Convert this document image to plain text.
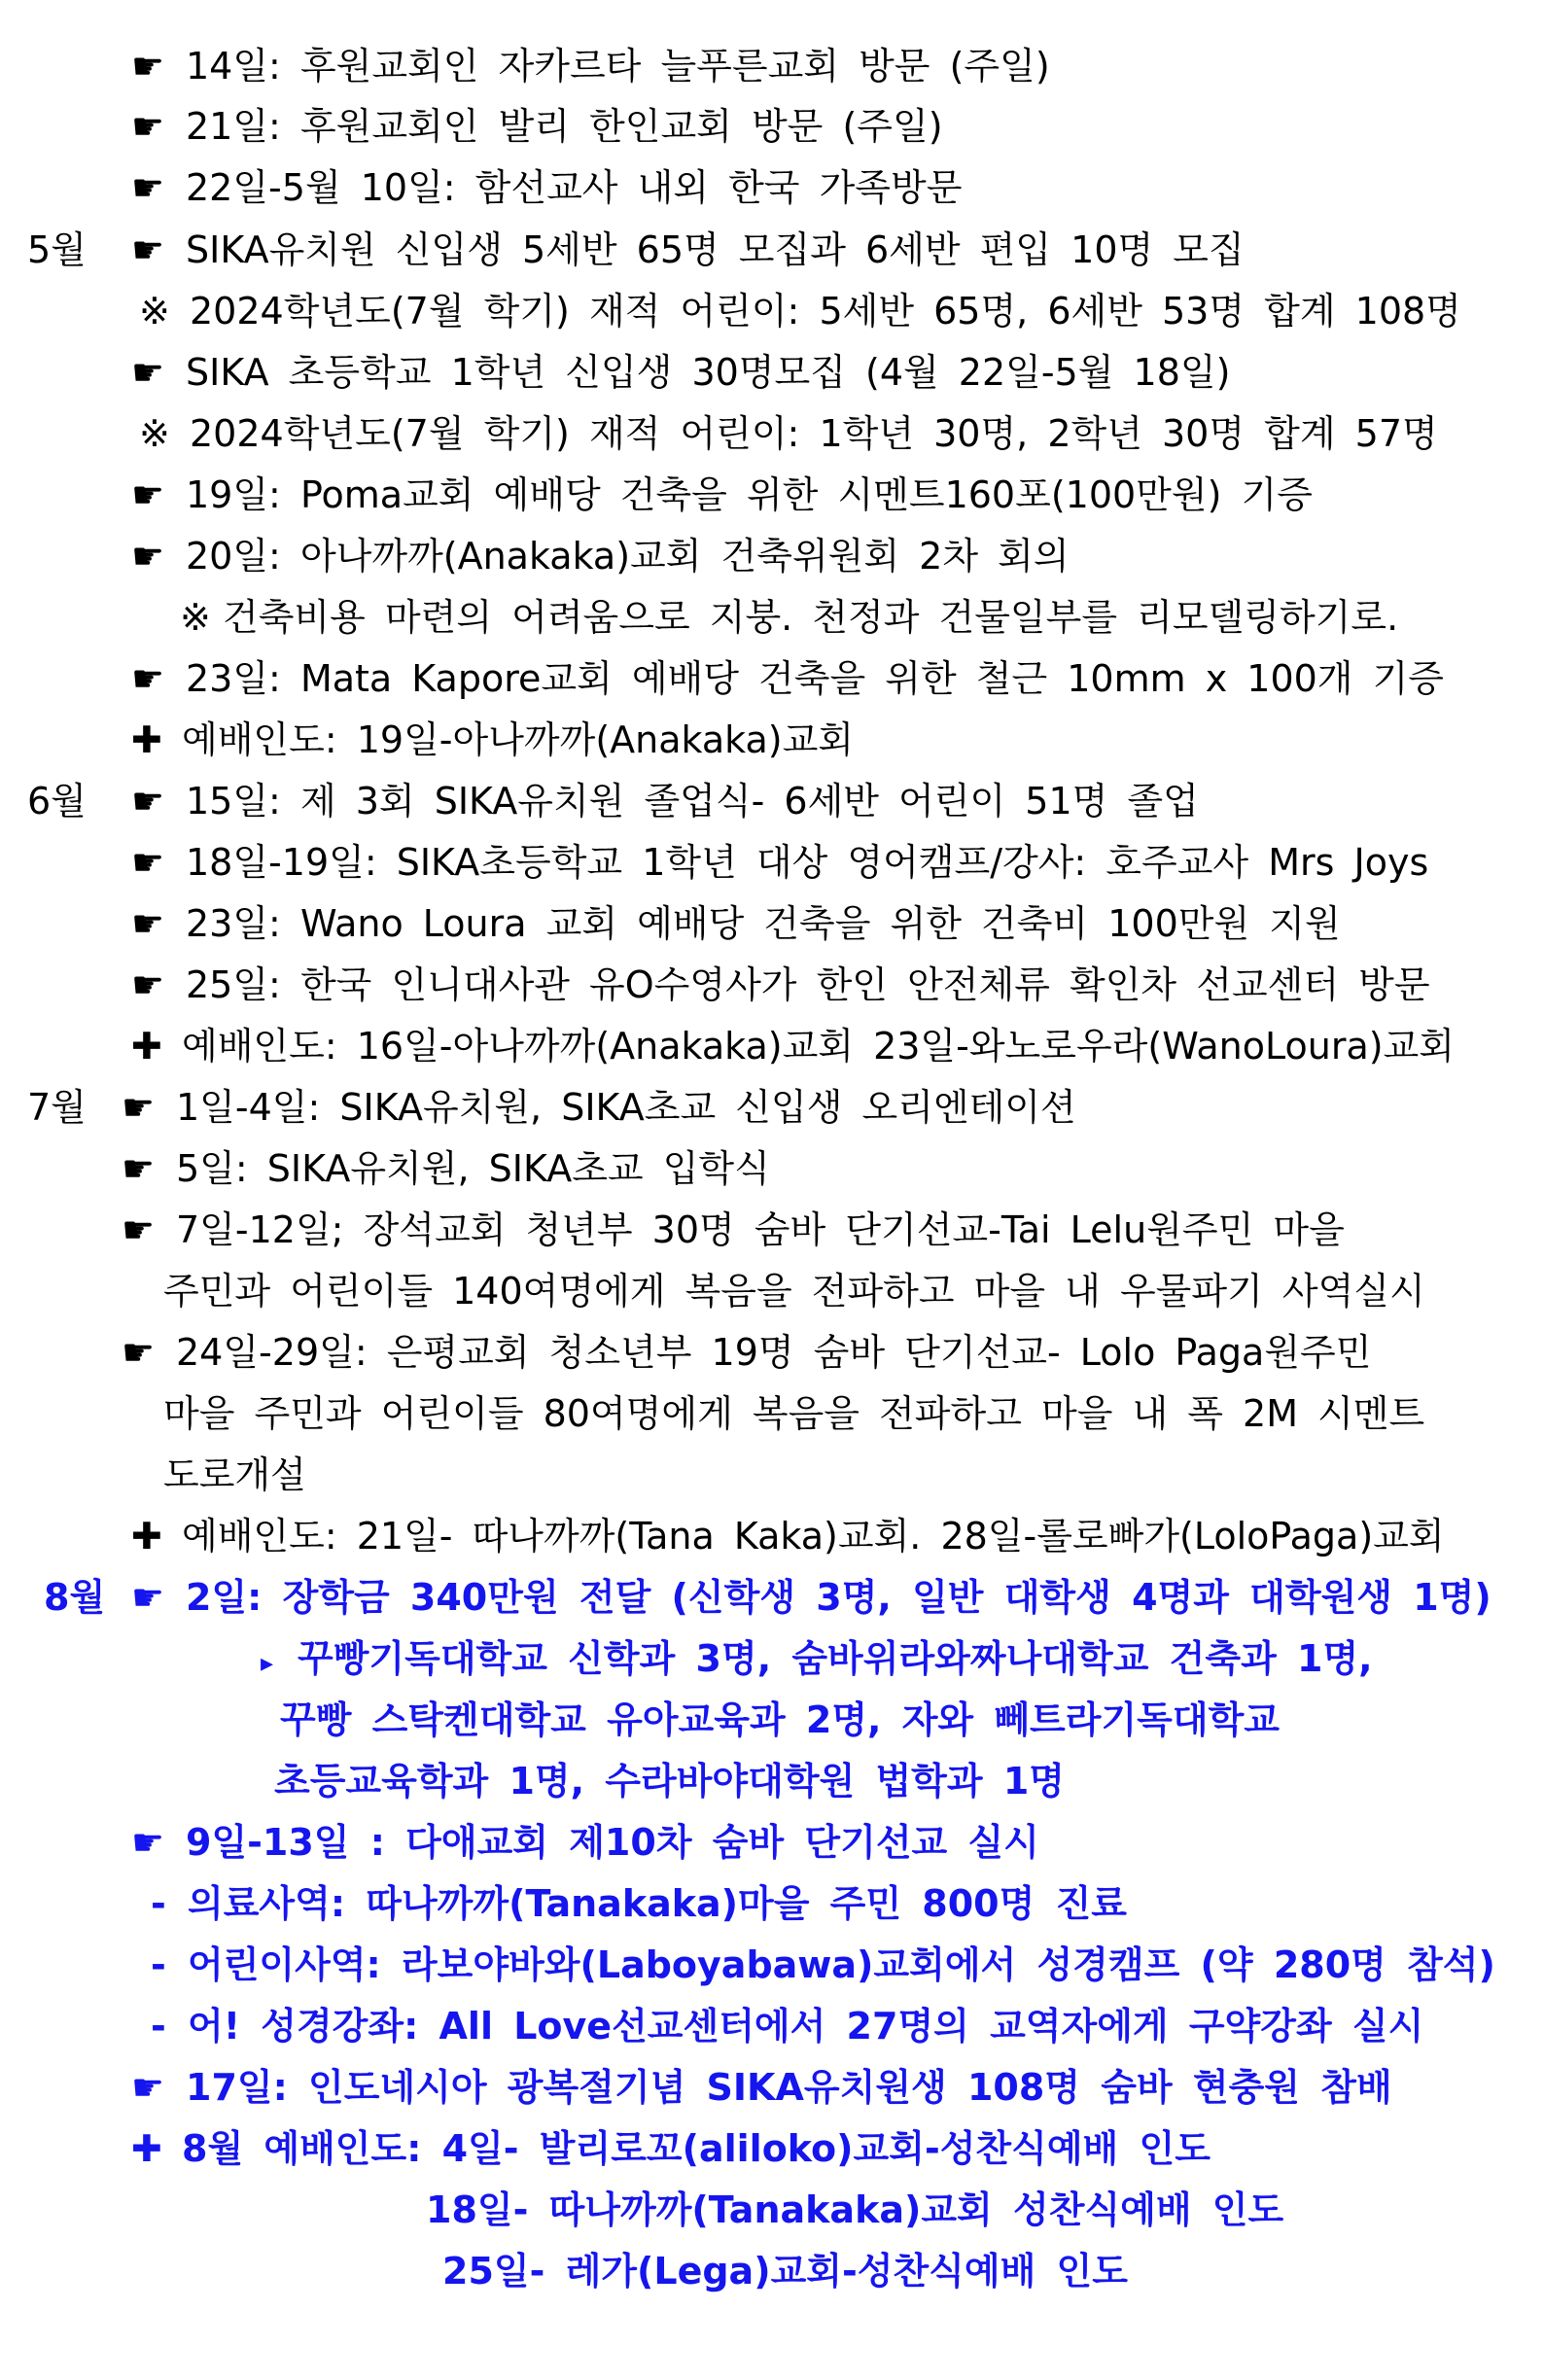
☛ 14일: 후원교회인 자카르타 늘푸른교회 방문 (주일)
☛ 21일: 후원교회인 발리 한인교회 방문 (주일)
☛ 22일-5월 10일: 함선교사 내외 한국 가족방문
5월 ☛ SIKA유치원 신입생 5세반 65명 모집과 6세반 편입 10명 모집
※ 2024학년도(7월 학기) 재적 어린이: 5세반 65명, 6세반 53명 합계 108명
☛ SIKA 초등학교 1학년 신입생 30명모집 (4월 22일-5월 18일)
※ 2024학년도(7월 학기) 재적 어린이: 1학년 30명, 2학년 30명 합계 57명
☛ 19일: Poma교회 예배당 건축을 위한 시멘트160포(100만원) 기증
☛ 20일: 아나까까(Anakaka)교회 건축위원회 2차 회의
※ 건축비용 마련의 어려움으로 지붕. 천정과 건물일부를 리모델링하기로.
☛ 23일: Mata Kapore교회 예배당 건축을 위한 철근 10mm x 100개 기증
✚ 예배인도: 19일-아나까까(Anakaka)교회
6월 ☛ 15일: 제 3회 SIKA유치원 졸업식- 6세반 어린이 51명 졸업
☛ 18일-19일: SIKA초등학교 1학년 대상 영어캠프/강사: 호주교사 Mrs Joys
☛ 23일: Wano Loura 교회 예배당 건축을 위한 건축비 100만원 지원
☛ 25일: 한국 인니대사관 유O수영사가 한인 안전체류 확인차 선교센터 방문
✚ 예배인도: 16일-아나까까(Anakaka)교회 23일-와노로우라(WanoLoura)교회
7월 ☛ 1일-4일: SIKA유치원, SIKA초교 신입생 오리엔테이션
☛ 5일: SIKA유치원, SIKA초교 입학식
☛ 7일-12일; 장석교회 청년부 30명 숨바 단기선교-Tai Lelu원주민 마을
주민과 어린이들 140여명에게 복음을 전파하고 마을 내 우물파기 사역실시
☛ 24일-29일: 은평교회 청소년부 19명 숨바 단기선교- Lolo Paga원주민
마을 주민과 어린이들 80여명에게 복음을 전파하고 마을 내 폭 2M 시멘트
도로개설
✚ 예배인도: 21일- 따나까까(Tana Kaka)교회. 28일-롤로빠가(LoloPaga)교회
8월 ☛ 2일: 장학금 340만원 전달 (신학생 3명, 일반 대학생 4명과 대학원생 1명)
▸ 꾸빵기독대학교 신학과 3명, 숨바위라와짜나대학교 건축과 1명,
꾸빵 스탁켄대학교 유아교육과 2명, 자와 뻬트라기독대학교
초등교육학과 1명, 수라바야대학원 법학과 1명
☛ 9일-13일 : 다애교회 제10차 숨바 단기선교 실시
- 의료사역: 따나까까(Tanakaka)마을 주민 800명 진료
- 어린이사역: 라보야바와(Laboyabawa)교회에서 성경캠프 (약 280명 참석)
- 어! 성경강좌: All Love선교센터에서 27명의 교역자에게 구약강좌 실시
☛ 17일: 인도네시아 광복절기념 SIKA유치원생 108명 숨바 현충원 참배
✚ 8월 예배인도: 4일- 발리로꼬(aliloko)교회-성찬식예배 인도
18일- 따나까까(Tanakaka)교회 성찬식예배 인도
25일- 레가(Lega)교회-성찬식예배 인도
